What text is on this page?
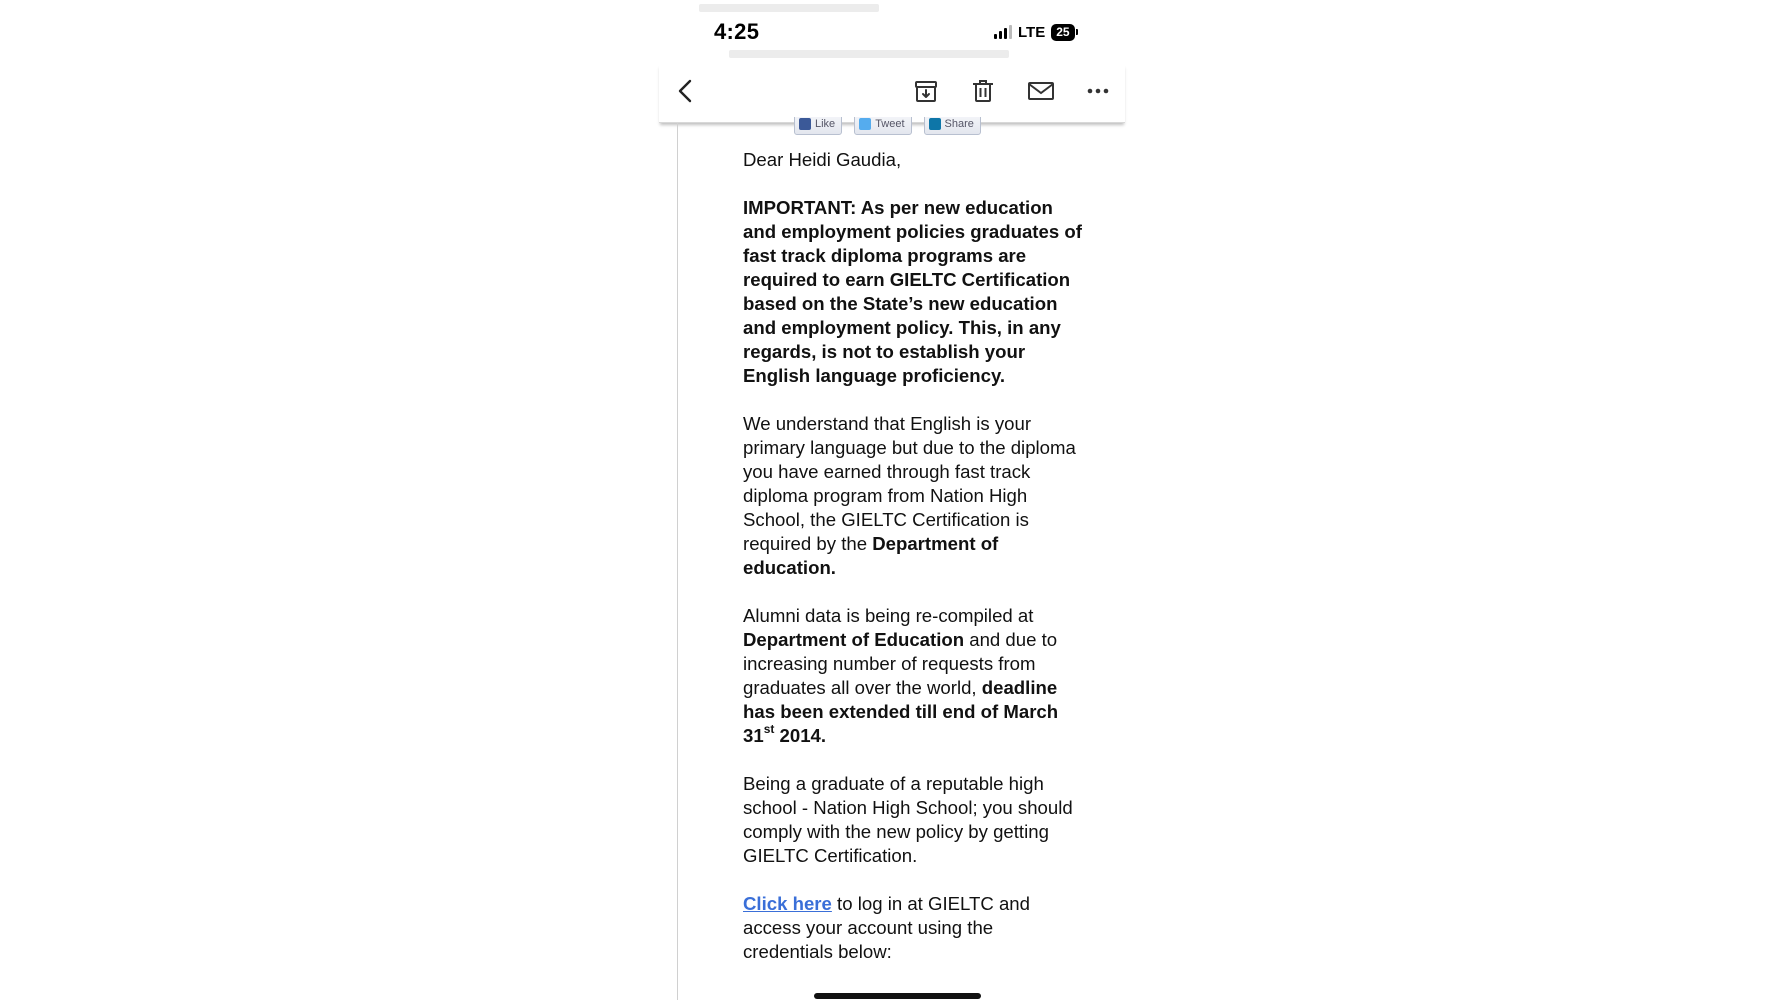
4:25	LTE 25
Like	Tweet	Share

Dear Heidi Gaudia,

IMPORTANT: As per new education and employment policies graduates of fast track diploma programs are required to earn GIELTC Certification based on the State’s new education and employment policy. This, in any regards, is not to establish your English language proficiency.

We understand that English is your primary language but due to the diploma you have earned through fast track diploma program from Nation High School, the GIELTC Certification is required by the Department of education.

Alumni data is being re-compiled at Department of Education and due to increasing number of requests from graduates all over the world, deadline has been extended till end of March 31st 2014.

Being a graduate of a reputable high school - Nation High School; you should comply with the new policy by getting GIELTC Certification.

Click here to log in at GIELTC and access your account using the credentials below:
